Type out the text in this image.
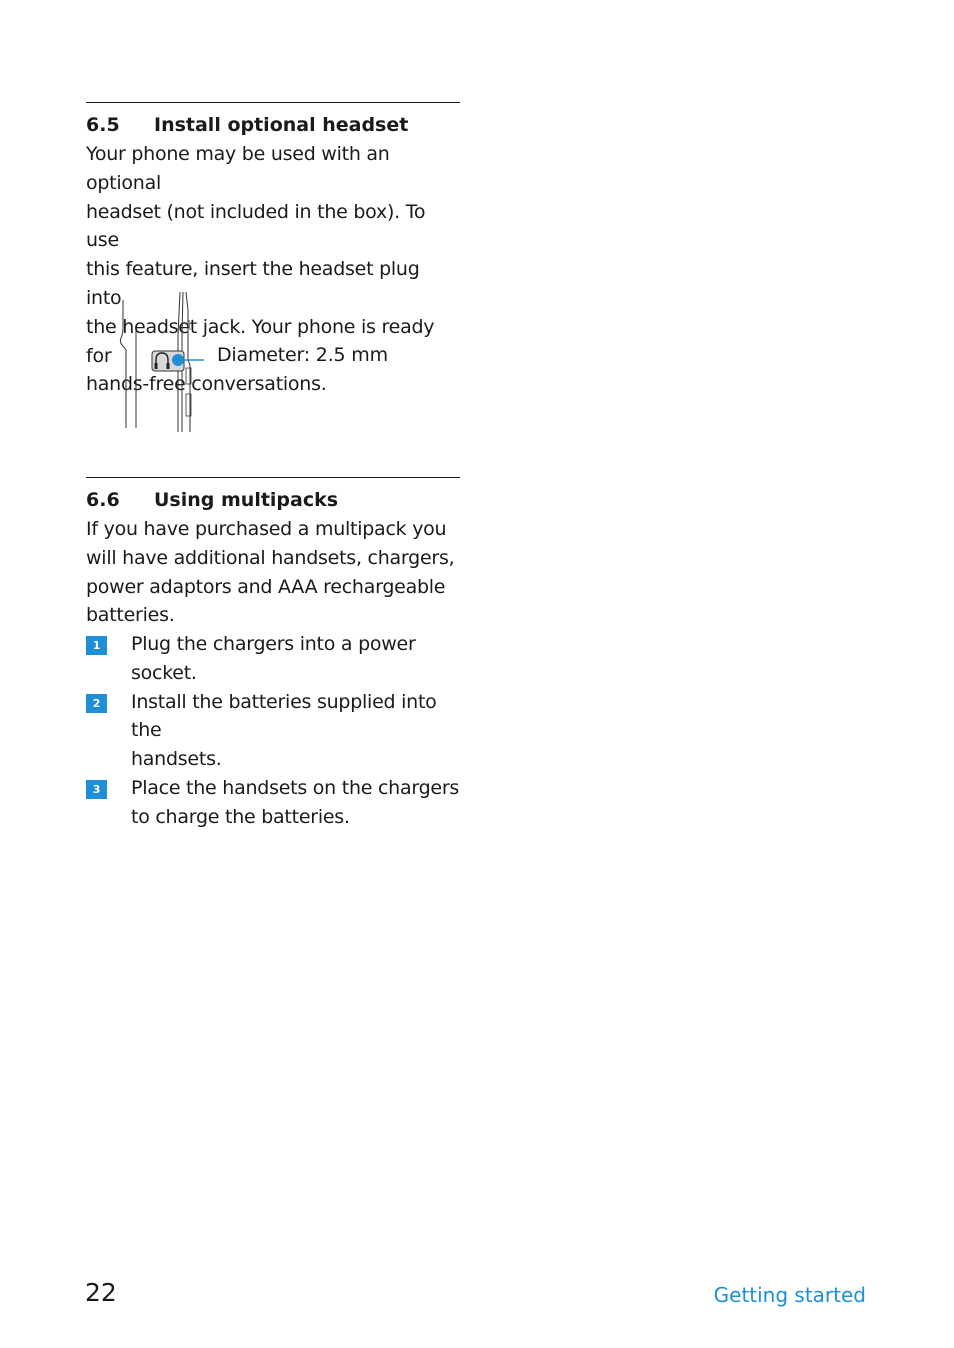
6.5	Install optional headset
Your phone may be used with an optional
headset (not included in the box). To use
this feature, insert the headset plug into
the headset jack. Your phone is ready for
hands-free conversations.
Diameter: 2.5 mm
6.6	Using multipacks
If you have purchased a multipack you
will have additional handsets, chargers,
power adaptors and AAA rechargeable
batteries.
1	Plug the chargers into a power
socket.
2	Install the batteries supplied into the
handsets.
3	Place the handsets on the chargers
to charge the batteries.
22	Getting started
